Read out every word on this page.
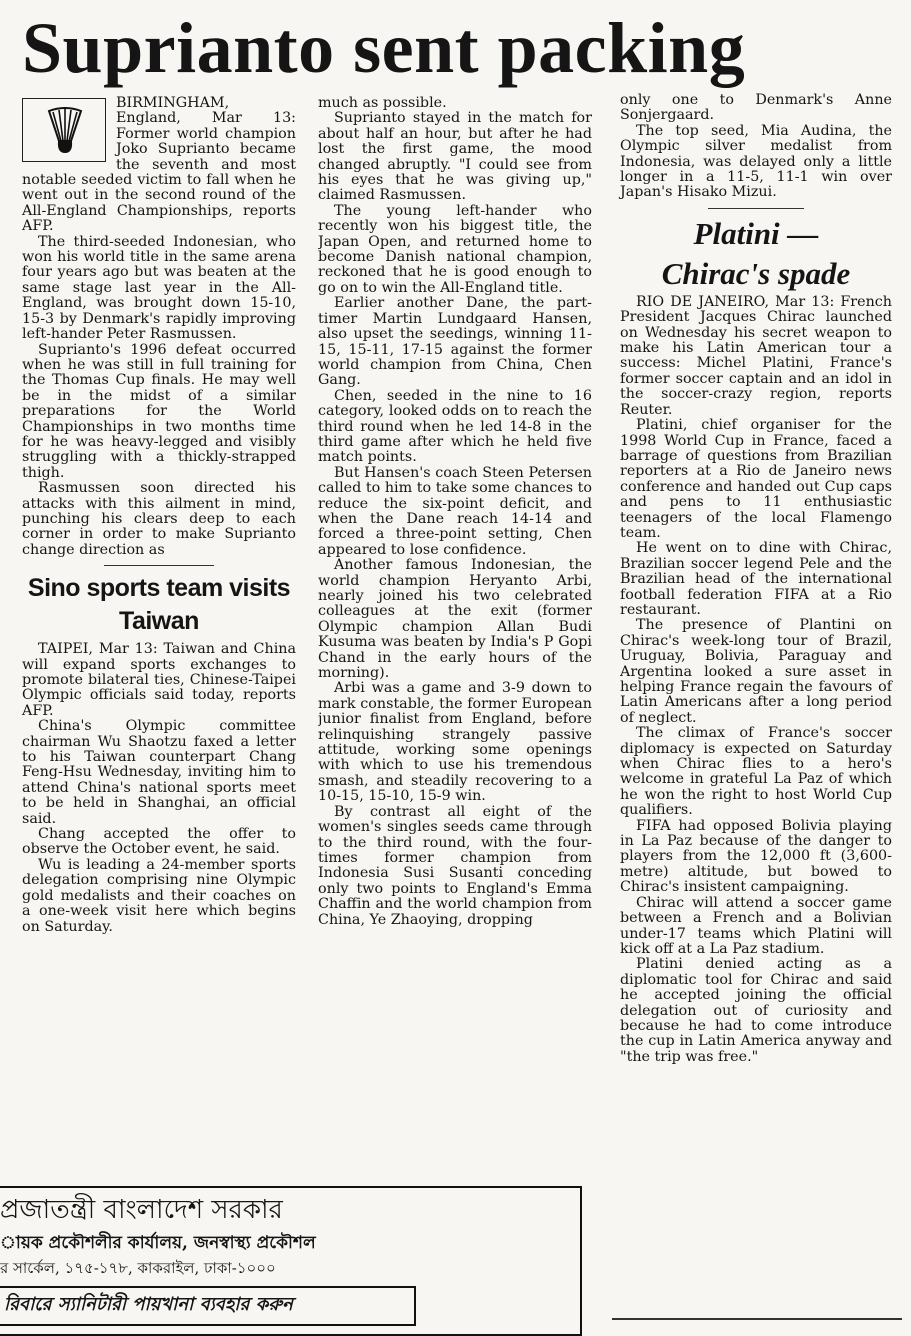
Suprianto sent packing

BIRMINGHAM, England, Mar 13: Former world champion Joko Suprianto became the seventh and most notable seeded victim to fall when he went out in the second round of the All-England Championships, reports AFP.

The third-seeded Indonesian, who won his world title in the same arena four years ago but was beaten at the same stage last year in the All-England, was brought down 15-10, 15-3 by Denmark's rapidly improving left-hander Peter Rasmussen.

Suprianto's 1996 defeat occurred when he was still in full training for the Thomas Cup finals. He may well be in the midst of a similar preparations for the World Championships in two months time for he was heavy-legged and visibly struggling with a thickly-strapped thigh.

Rasmussen soon directed his attacks with this ailment in mind, punching his clears deep to each corner in order to make Suprianto change direction as

Sino sports team visits Taiwan

TAIPEI, Mar 13: Taiwan and China will expand sports exchanges to promote bilateral ties, Chinese-Taipei Olympic officials said today, reports AFP.

China's Olympic committee chairman Wu Shaotzu faxed a letter to his Taiwan counterpart Chang Feng-Hsu Wednesday, inviting him to attend China's national sports meet to be held in Shanghai, an official said.

Chang accepted the offer to observe the October event, he said.

Wu is leading a 24-member sports delegation comprising nine Olympic gold medalists and their coaches on a one-week visit here which begins on Saturday.

much as possible.

Suprianto stayed in the match for about half an hour, but after he had lost the first game, the mood changed abruptly. "I could see from his eyes that he was giving up," claimed Rasmussen.

The young left-hander who recently won his biggest title, the Japan Open, and returned home to become Danish national champion, reckoned that he is good enough to go on to win the All-England title.

Earlier another Dane, the part-timer Martin Lundgaard Hansen, also upset the seedings, winning 11-15, 15-11, 17-15 against the former world champion from China, Chen Gang.

Chen, seeded in the nine to 16 category, looked odds on to reach the third round when he led 14-8 in the third game after which he held five match points.

But Hansen's coach Steen Petersen called to him to take some chances to reduce the six-point deficit, and when the Dane reach 14-14 and forced a three-point setting, Chen appeared to lose confidence.

Another famous Indonesian, the world champion Heryanto Arbi, nearly joined his two celebrated colleagues at the exit (former Olympic champion Allan Budi Kusuma was beaten by India's P Gopi Chand in the early hours of the morning).

Arbi was a game and 3-9 down to mark constable, the former European junior finalist from England, before relinquishing strangely passive attitude, working some openings with which to use his tremendous smash, and steadily recovering to a 10-15, 15-10, 15-9 win.

By contrast all eight of the women's singles seeds came through to the third round, with the four-times former champion from Indonesia Susi Susanti conceding only two points to England's Emma Chaffin and the world champion from China, Ye Zhaoying, dropping

only one to Denmark's Anne Sonjergaard.

The top seed, Mia Audina, the Olympic silver medalist from Indonesia, was delayed only a little longer in a 11-5, 11-1 win over Japan's Hisako Mizui.

Platini —
Chirac's spade

RIO DE JANEIRO, Mar 13: French President Jacques Chirac launched on Wednesday his secret weapon to make his Latin American tour a success: Michel Platini, France's former soccer captain and an idol in the soccer-crazy region, reports Reuter.

Platini, chief organiser for the 1998 World Cup in France, faced a barrage of questions from Brazilian reporters at a Rio de Janeiro news conference and handed out Cup caps and pens to 11 enthusiastic teenagers of the local Flamengo team.

He went on to dine with Chirac, Brazilian soccer legend Pele and the Brazilian head of the international football federation FIFA at a Rio restaurant.

The presence of Plantini on Chirac's week-long tour of Brazil, Uruguay, Bolivia, Paraguay and Argentina looked a sure asset in helping France regain the favours of Latin Americans after a long period of neglect.

The climax of France's soccer diplomacy is expected on Saturday when Chirac flies to a hero's welcome in grateful La Paz of which he won the right to host World Cup qualifiers.

FIFA had opposed Bolivia playing in La Paz because of the danger to players from the 12,000 ft (3,600-metre) altitude, but bowed to Chirac's insistent campaigning.

Chirac will attend a soccer game between a French and a Bolivian under-17 teams which Platini will kick off at a La Paz stadium.

Platini denied acting as a diplomatic tool for Chirac and said he accepted joining the official delegation out of curiosity and because he had to come introduce the cup in Latin America anyway and "the trip was free."

প্রজাতন্ত্রী বাংলাদেশ সরকার
ায়ক প্রকৌশলীর কার্যালয়, জনস্বাস্থ্য প্রকৌশল
র সার্কেল, ১৭৫-১৭৮, কাকরাইল, ঢাকা-১০০০
রিবারে স্যানিটারী পায়খানা ব্যবহার করুন
